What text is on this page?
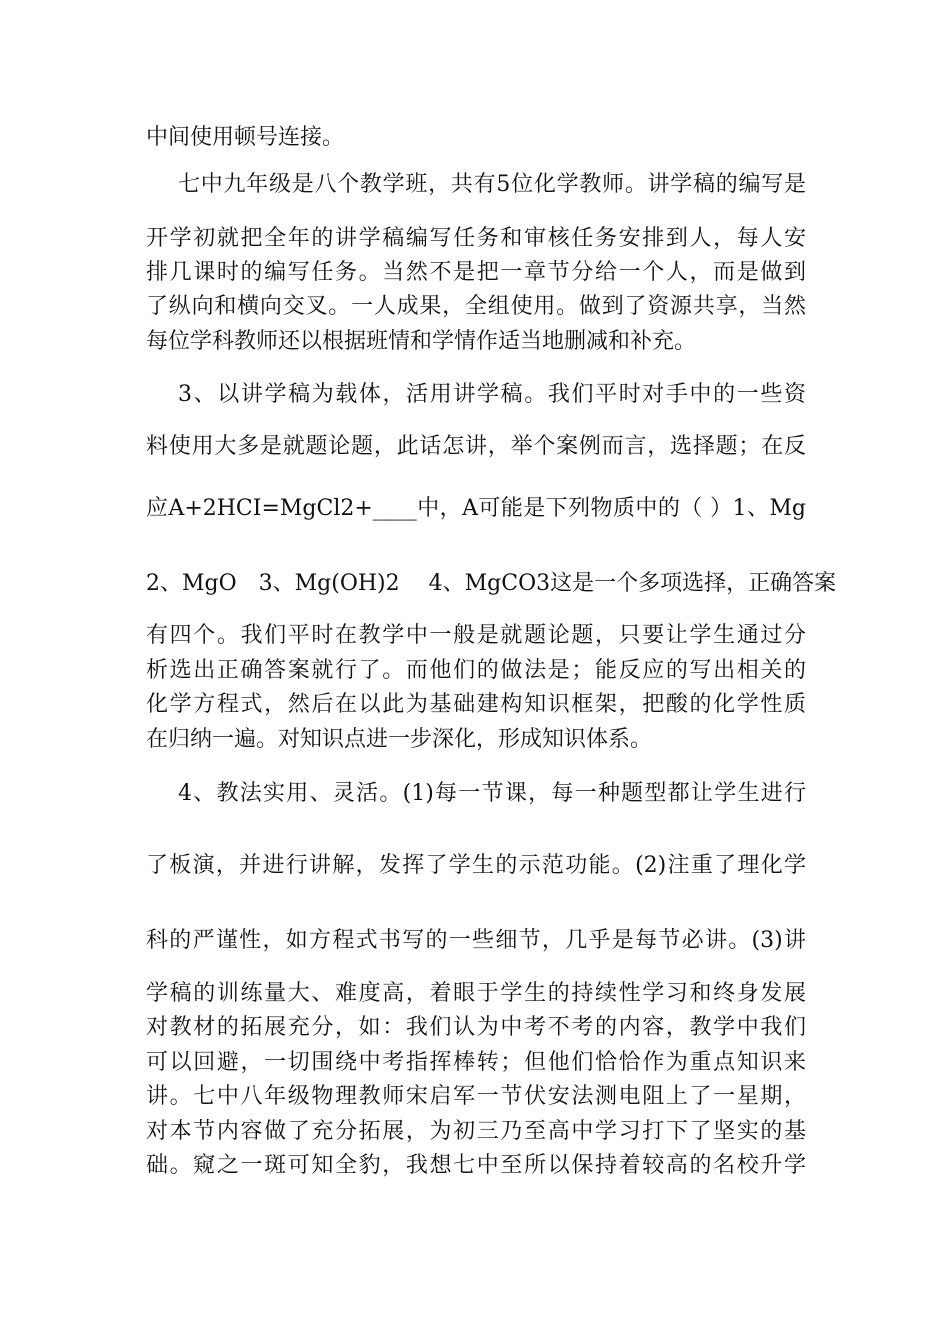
中间使用顿号连接。
七中九年级是八个教学班，共有5位化学教师。讲学稿的编写是
开学初就把全年的讲学稿编写任务和审核任务安排到人，每人安
排几课时的编写任务。当然不是把一章节分给一个人，而是做到
了纵向和横向交叉。一人成果，全组使用。做到了资源共享，当然
每位学科教师还以根据班情和学情作适当地删减和补充。
3、以讲学稿为载体，活用讲学稿。我们平时对手中的一些资
料使用大多是就题论题，此话怎讲，举个案例而言，选择题；在反
应A+2HCI=MgCl2+____中，A可能是下列物质中的（ ）1、Mg
2、MgO　3、Mg(OH)2　 4、MgCO3这是一个多项选择，正确答案
有四个。我们平时在教学中一般是就题论题，只要让学生通过分
析选出正确答案就行了。而他们的做法是；能反应的写出相关的
化学方程式，然后在以此为基础建构知识框架，把酸的化学性质
在归纳一遍。对知识点进一步深化，形成知识体系。
4、教法实用、灵活。(1)每一节课，每一种题型都让学生进行
了板演，并进行讲解，发挥了学生的示范功能。(2)注重了理化学
科的严谨性，如方程式书写的一些细节，几乎是每节必讲。(3)讲
学稿的训练量大、难度高，着眼于学生的持续性学习和终身发展
对教材的拓展充分，如：我们认为中考不考的内容，教学中我们
可以回避，一切围绕中考指挥棒转；但他们恰恰作为重点知识来
讲。七中八年级物理教师宋启军一节伏安法测电阻上了一星期，
对本节内容做了充分拓展，为初三乃至高中学习打下了坚实的基
础。窥之一斑可知全豹，我想七中至所以保持着较高的名校升学
